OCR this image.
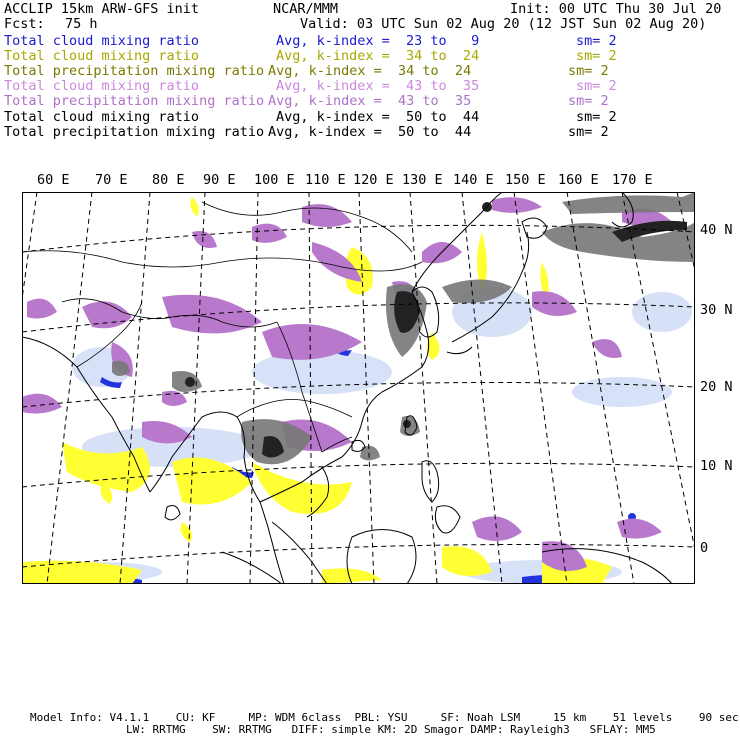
ACCLIP 15km ARW-GFS init	NCAR/MMM	Init: 00 UTC Thu 30 Jul 20
Fcst: 75 h	Valid: 03 UTC Sun 02 Aug 20 (12 JST Sun 02 Aug 20)
Total cloud mixing ratio	Avg, k-index =  23 to   9	sm= 2
Total cloud mixing ratio	Avg, k-index =  34 to  24	sm= 2
Total precipitation mixing ratio Avg, k-index =  34 to  24	sm= 2
Total cloud mixing ratio	Avg, k-index =  43 to  35	sm= 2
Total precipitation mixing ratio Avg, k-index =  43 to  35	sm= 2
Total cloud mixing ratio	Avg, k-index =  50 to  44	sm= 2
Total precipitation mixing ratio Avg, k-index =  50 to  44	sm= 2
60 E 70 E 80 E 90 E 100 E 110 E 120 E 130 E 140 E 150 E 160 E 170 E
40 N
30 N
20 N
10 N
0
Model Info: V4.1.1    CU: KF     MP: WDM 6class  PBL: YSU     SF: Noah LSM     15 km    51 levels    90 sec
LW: RRTMG    SW: RRTMG   DIFF: simple KM: 2D Smagor DAMP: Rayleigh3   SFLAY: MM5
